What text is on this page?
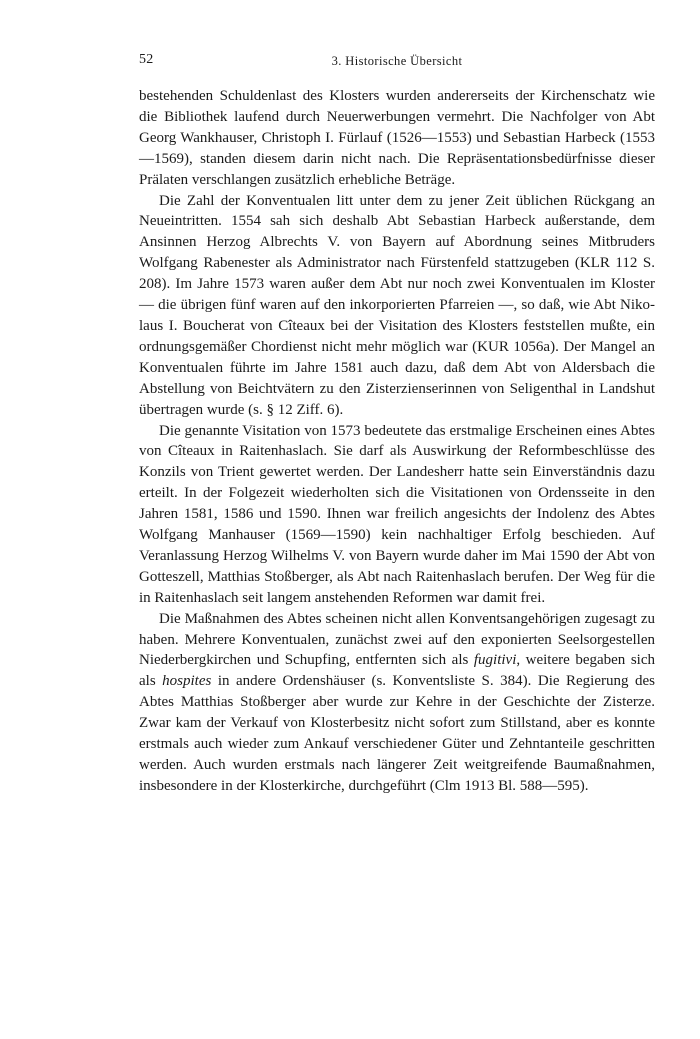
52	3. Historische Übersicht

bestehenden Schuldenlast des Klosters wurden andererseits der Kirchenschatz wie die Bibliothek laufend durch Neuerwerbungen vermehrt. Die Nachfolger von Abt Georg Wankhauser, Christoph I. Fürlauf (1526—1553) und Sebastian Harbeck (1553—1569), standen diesem darin nicht nach. Die Repräsentationsbedürfnisse dieser Prälaten verschlangen zusätzlich erhebliche Beträge.

Die Zahl der Konventualen litt unter dem zu jener Zeit üblichen Rückgang an Neueintritten. 1554 sah sich deshalb Abt Sebastian Harbeck außerstande, dem Ansinnen Herzog Albrechts V. von Bayern auf Abordnung seines Mitbruders Wolfgang Rabenester als Administrator nach Fürstenfeld stattzugeben (KLR 112 S. 208). Im Jahre 1573 waren außer dem Abt nur noch zwei Konventualen im Kloster — die übrigen fünf waren auf den inkorporierten Pfarreien —, so daß, wie Abt Nikolaus I. Boucherat von Cîteaux bei der Visitation des Klosters feststellen mußte, ein ordnungsgemäßer Chordienst nicht mehr möglich war (KUR 1056a). Der Mangel an Konventualen führte im Jahre 1581 auch dazu, daß dem Abt von Aldersbach die Abstellung von Beichtvätern zu den Zisterzienserinnen von Seligenthal in Landshut übertragen wurde (s. § 12 Ziff. 6).

Die genannte Visitation von 1573 bedeutete das erstmalige Erscheinen eines Abtes von Cîteaux in Raitenhaslach. Sie darf als Auswirkung der Reformbeschlüsse des Konzils von Trient gewertet werden. Der Landesherr hatte sein Einverständnis dazu erteilt. In der Folgezeit wiederholten sich die Visitationen von Ordensseite in den Jahren 1581, 1586 und 1590. Ihnen war freilich angesichts der Indolenz des Abtes Wolfgang Manhauser (1569—1590) kein nachhaltiger Erfolg beschieden. Auf Veranlassung Herzog Wilhelms V. von Bayern wurde daher im Mai 1590 der Abt von Gotteszell, Matthias Stoßberger, als Abt nach Raitenhaslach berufen. Der Weg für die in Raitenhaslach seit langem anstehenden Reformen war damit frei.

Die Maßnahmen des Abtes scheinen nicht allen Konventsangehörigen zugesagt zu haben. Mehrere Konventualen, zunächst zwei auf den exponierten Seelsorgestellen Niederbergkirchen und Schupfing, entfernten sich als fugitivi, weitere begaben sich als hospites in andere Ordenshäuser (s. Konventsliste S. 384). Die Regierung des Abtes Matthias Stoßberger aber wurde zur Kehre in der Geschichte der Zisterze. Zwar kam der Verkauf von Klosterbesitz nicht sofort zum Stillstand, aber es konnte erstmals auch wieder zum Ankauf verschiedener Güter und Zehntanteile geschritten werden. Auch wurden erstmals nach längerer Zeit weitgreifende Baumaßnahmen, insbesondere in der Klosterkirche, durchgeführt (Clm 1913 Bl. 588—595).
